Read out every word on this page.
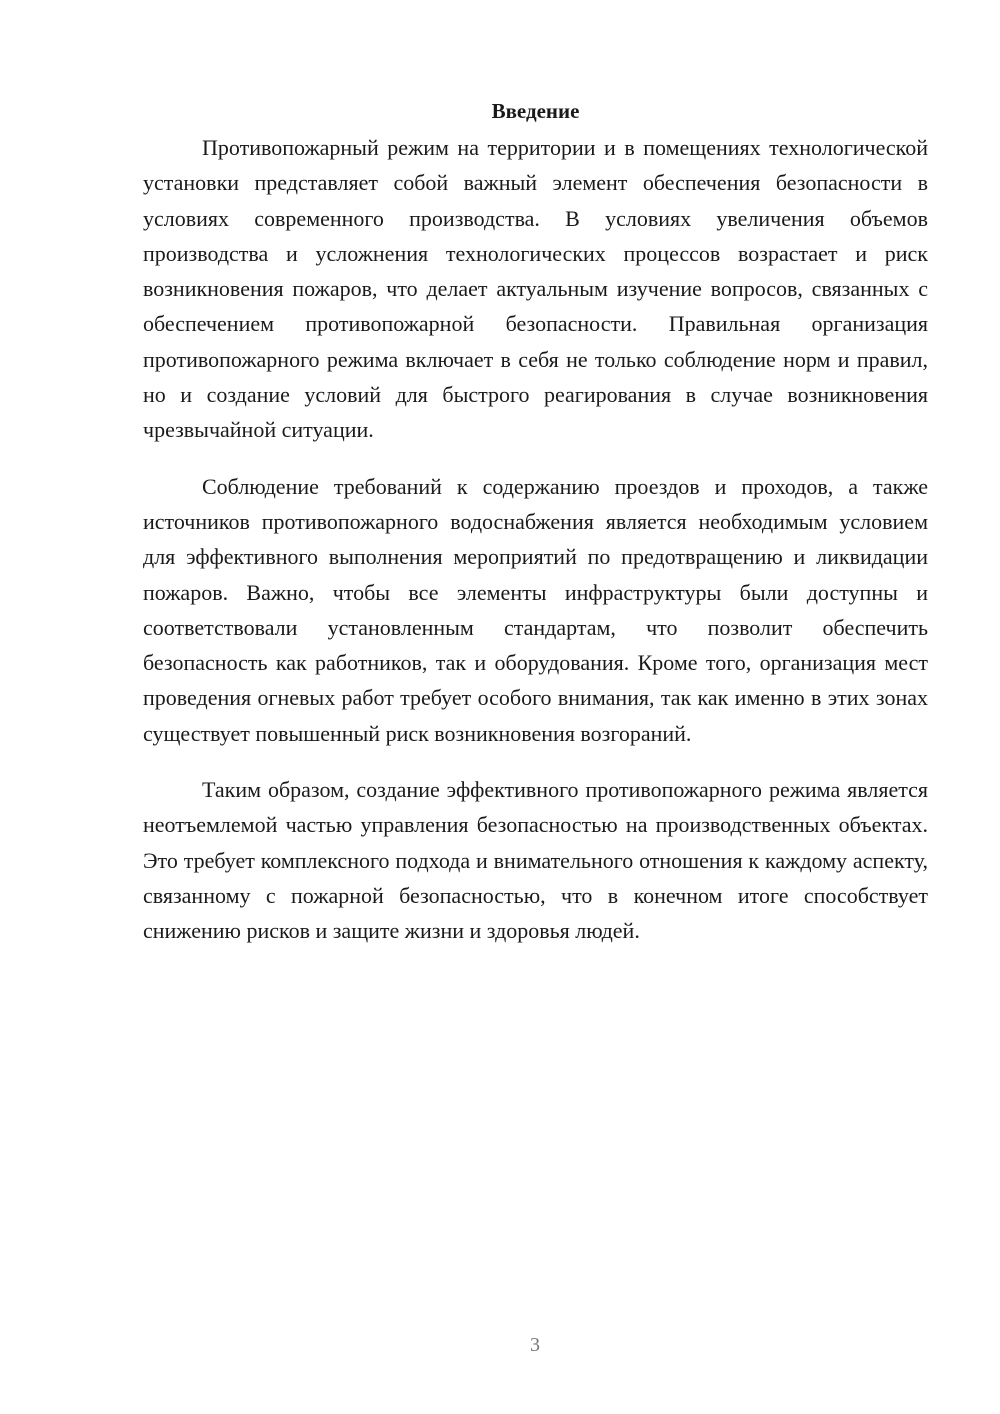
Введение

Противопожарный режим на территории и в помещениях технологической установки представляет собой важный элемент обеспечения безопасности в условиях современного производства. В условиях увеличения объемов производства и усложнения технологических процессов возрастает и риск возникновения пожаров, что делает актуальным изучение вопросов, связанных с обеспечением противопожарной безопасности. Правильная организация противопожарного режима включает в себя не только соблюдение норм и правил, но и создание условий для быстрого реагирования в случае возникновения чрезвычайной ситуации.

Соблюдение требований к содержанию проездов и проходов, а также источников противопожарного водоснабжения является необходимым условием для эффективного выполнения мероприятий по предотвращению и ликвидации пожаров. Важно, чтобы все элементы инфраструктуры были доступны и соответствовали установленным стандартам, что позволит обеспечить безопасность как работников, так и оборудования. Кроме того, организация мест проведения огневых работ требует особого внимания, так как именно в этих зонах существует повышенный риск возникновения возгораний.

Таким образом, создание эффективного противопожарного режима является неотъемлемой частью управления безопасностью на производственных объектах. Это требует комплексного подхода и внимательного отношения к каждому аспекту, связанному с пожарной безопасностью, что в конечном итоге способствует снижению рисков и защите жизни и здоровья людей.

3
